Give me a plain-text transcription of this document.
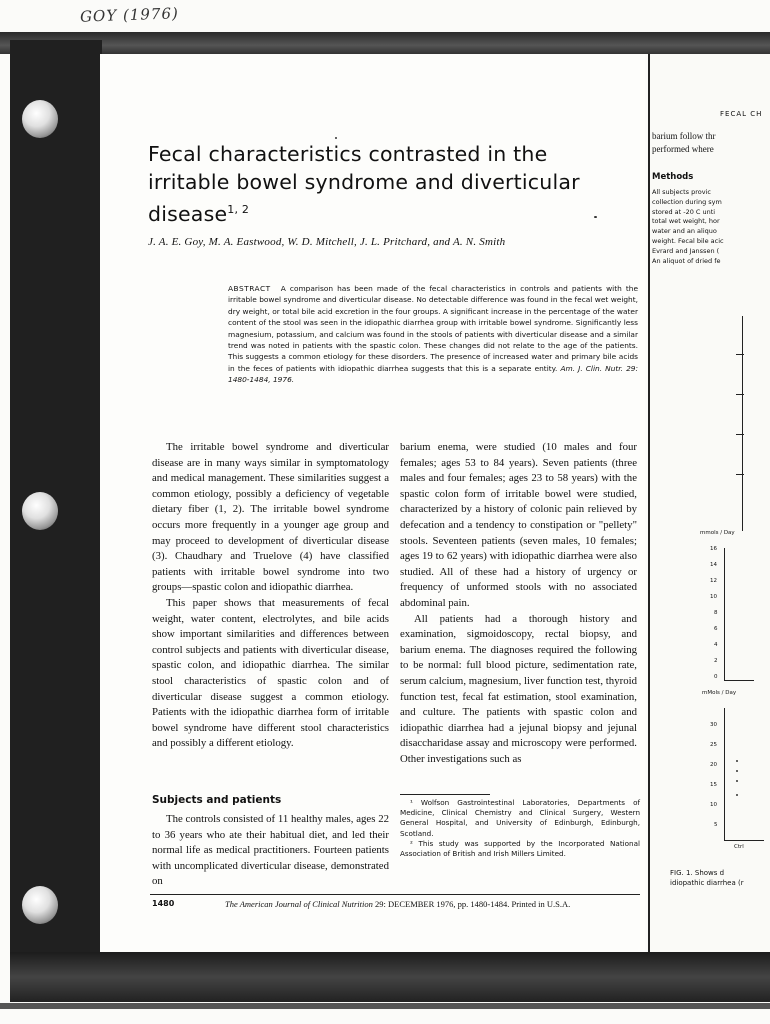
GOY (1976)
FECAL CH
barium follow thr
performed where
Methods
All subjects provic
collection during sym
stored at -20 C unti
total wet weight, hor
water and an aliquo
weight. Fecal bile acic
Evrard and Janssen (
An aliquot of dried fe
mmols / Day
16
14
12
10
8
6
4
2
0
mMols / Day
30
25
20
15
10
5
Ctrl
FIG. 1. Shows d
idiopathic diarrhea (r
Fecal characteristics contrasted in the irritable bowel syndrome and diverticular disease$^{1, 2}$
J. A. E. Goy, M. A. Eastwood, W. D. Mitchell, J. L. Pritchard, and A. N. Smith
ABSTRACT A comparison has been made of the fecal characteristics in controls and patients with the irritable bowel syndrome and diverticular disease. No detectable difference was found in the fecal wet weight, dry weight, or total bile acid excretion in the four groups. A significant increase in the percentage of the water content of the stool was seen in the idiopathic diarrhea group with irritable bowel syndrome. Significantly less magnesium, potassium, and calcium was found in the stools of patients with diverticular disease and a similar trend was noted in patients with the spastic colon. These changes did not relate to the age of the patients. This suggests a common etiology for these disorders. The presence of increased water and primary bile acids in the feces of patients with idiopathic diarrhea suggests that this is a separate entity. Am. J. Clin. Nutr. 29: 1480-1484, 1976.

The irritable bowel syndrome and diverticular disease are in many ways similar in symptomatology and medical management. These similarities suggest a common etiology, possibly a deficiency of vegetable dietary fiber (1, 2). The irritable bowel syndrome occurs more frequently in a younger age group and may proceed to development of diverticular disease (3). Chaudhary and Truelove (4) have classified patients with irritable bowel syndrome into two groups—spastic colon and idiopathic diarrhea.

This paper shows that measurements of fecal weight, water content, electrolytes, and bile acids show important similarities and differences between control subjects and patients with diverticular disease, spastic colon, and idiopathic diarrhea. The similar stool characteristics of spastic colon and of diverticular disease suggest a common etiology. Patients with the idiopathic diarrhea form of irritable bowel syndrome have different stool characteristics and possibly a different etiology.

Subjects and patients

The controls consisted of 11 healthy males, ages 22 to 36 years who ate their habitual diet, and led their normal life as medical practitioners. Fourteen patients with uncomplicated diverticular disease, demonstrated on

barium enema, were studied (10 males and four females; ages 53 to 84 years). Seven patients (three males and four females; ages 23 to 58 years) with the spastic colon form of irritable bowel were studied, characterized by a history of colonic pain relieved by defecation and a tendency to constipation or "pellety" stools. Seventeen patients (seven males, 10 females; ages 19 to 62 years) with idiopathic diarrhea were also studied. All of these had a history of urgency or frequency of unformed stools with no associated abdominal pain.

All patients had a thorough history and examination, sigmoidoscopy, rectal biopsy, and barium enema. The diagnoses required the following to be normal: full blood picture, sedimentation rate, serum calcium, magnesium, liver function test, thyroid function test, fecal fat estimation, stool examination, and culture. The patients with spastic colon and idiopathic diarrhea had a jejunal biopsy and jejunal disaccharidase assay and microscopy were performed. Other investigations such as

¹ Wolfson Gastrointestinal Laboratories, Departments of Medicine, Clinical Chemistry and Clinical Surgery, Western General Hospital, and University of Edinburgh, Edinburgh, Scotland.

² This study was supported by the Incorporated National Association of British and Irish Millers Limited.

1480	The American Journal of Clinical Nutrition 29: DECEMBER 1976, pp. 1480-1484. Printed in U.S.A.
